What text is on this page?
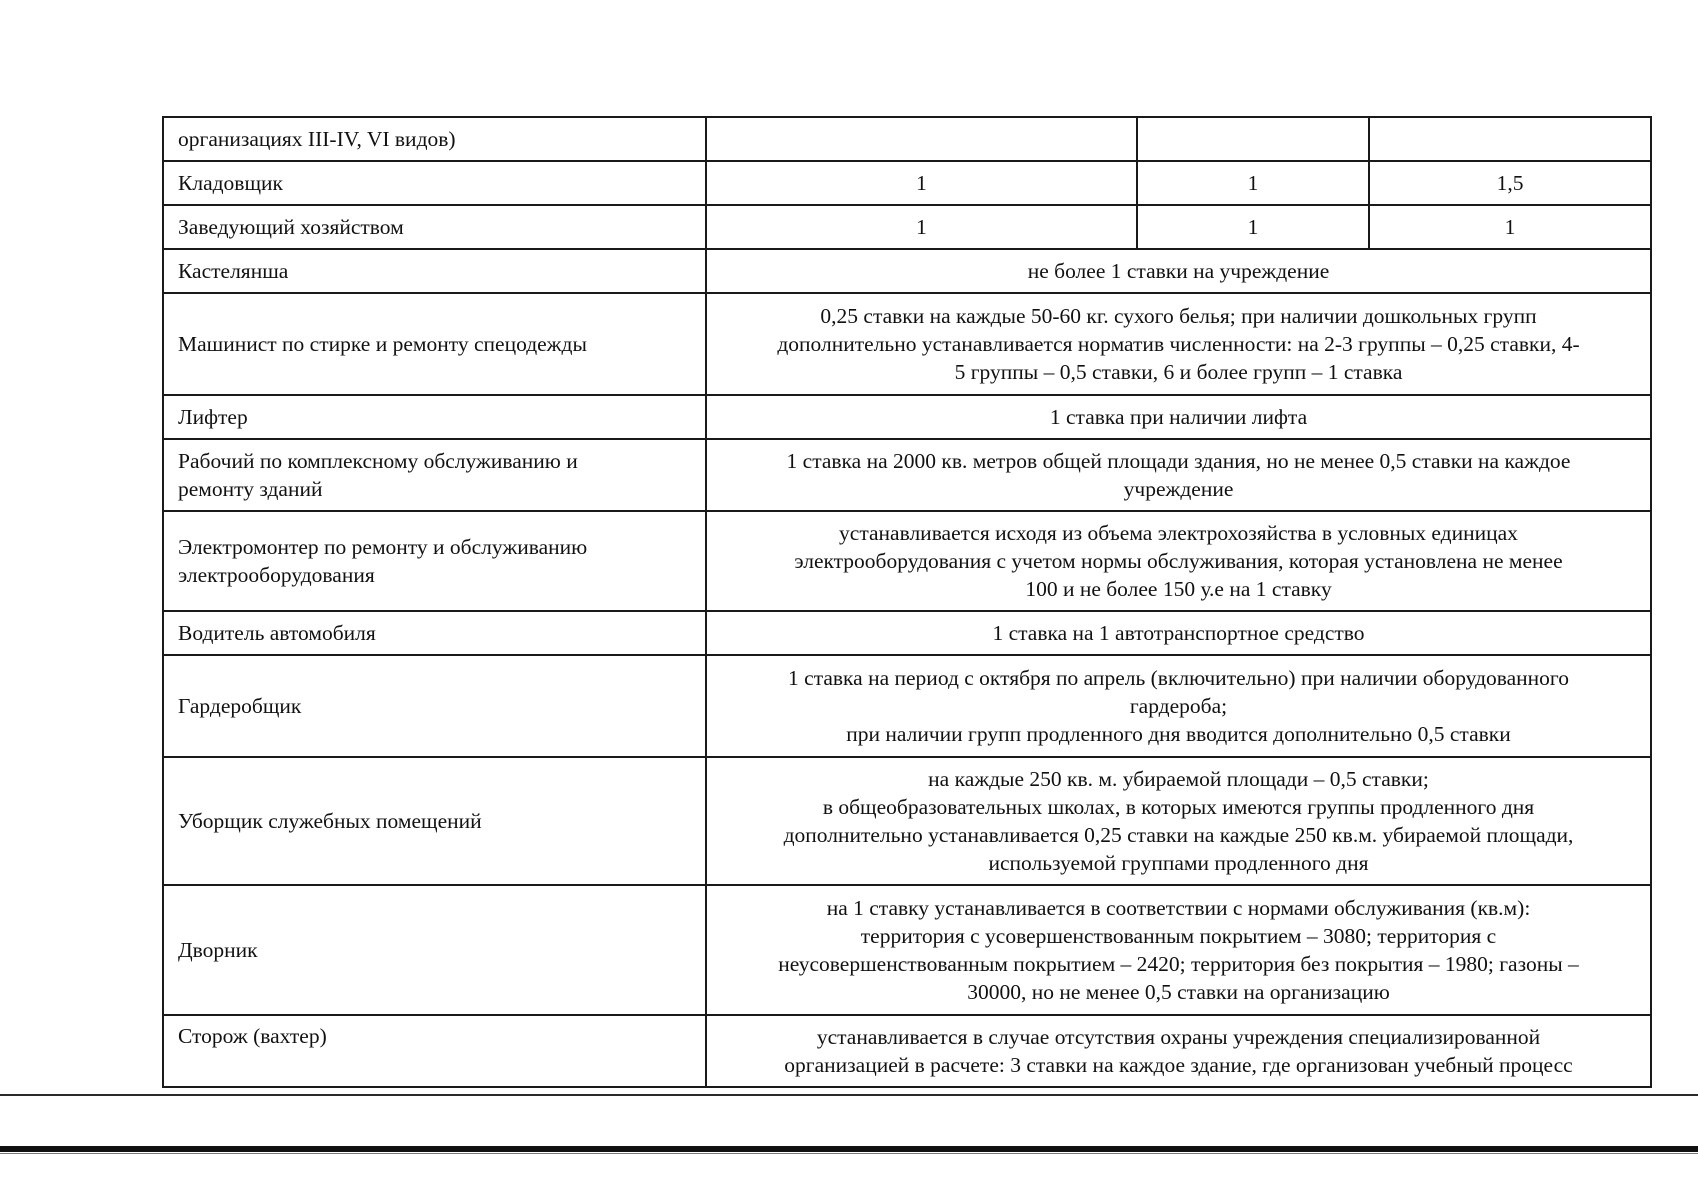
организациях III-IV, VI видов)			
Кладовщик	1	1	1,5
Заведующий хозяйством	1	1	1
Кастелянша	не более 1 ставки на учреждение		

Машинист по стирке и ремонту спецодежды	0,25 ставки на каждые 50-60 кг. сухого белья; при наличии дошкольных групп
дополнительно устанавливается норматив численности: на 2-3 группы – 0,25 ставки, 4-
5 группы – 0,5 ставки, 6 и более групп – 1 ставка		

Лифтер	1 ставка при наличии лифта		

Рабочий по комплексному обслуживанию и
ремонту зданий	1 ставка на 2000 кв. метров общей площади здания, но не менее 0,5 ставки на каждое
учреждение		

Электромонтер по ремонту и обслуживанию
электрооборудования	устанавливается исходя из объема электрохозяйства в условных единицах
электрооборудования с учетом нормы обслуживания, которая установлена не менее
100 и не более 150 у.е на 1 ставку		

Водитель автомобиля	1 ставка на 1 автотранспортное средство		

Гардеробщик	1 ставка на период с октября по апрель (включительно) при наличии оборудованного
гардероба;
при наличии групп продленного дня вводится дополнительно 0,5 ставки		

Уборщик служебных помещений	на каждые 250 кв. м. убираемой площади – 0,5 ставки;
в общеобразовательных школах, в которых имеются группы продленного дня
дополнительно устанавливается 0,25 ставки на каждые 250 кв.м. убираемой площади,
используемой группами продленного дня		

Дворник	на 1 ставку устанавливается в соответствии с нормами обслуживания (кв.м):
территория с усовершенствованным покрытием – 3080; территория с
неусовершенствованным покрытием – 2420; территория без покрытия – 1980; газоны –
30000, но не менее 0,5 ставки на организацию		

Сторож (вахтер)	устанавливается в случае отсутствия охраны учреждения специализированной
организацией в расчете: 3 ставки на каждое здание, где организован учебный процесс		
